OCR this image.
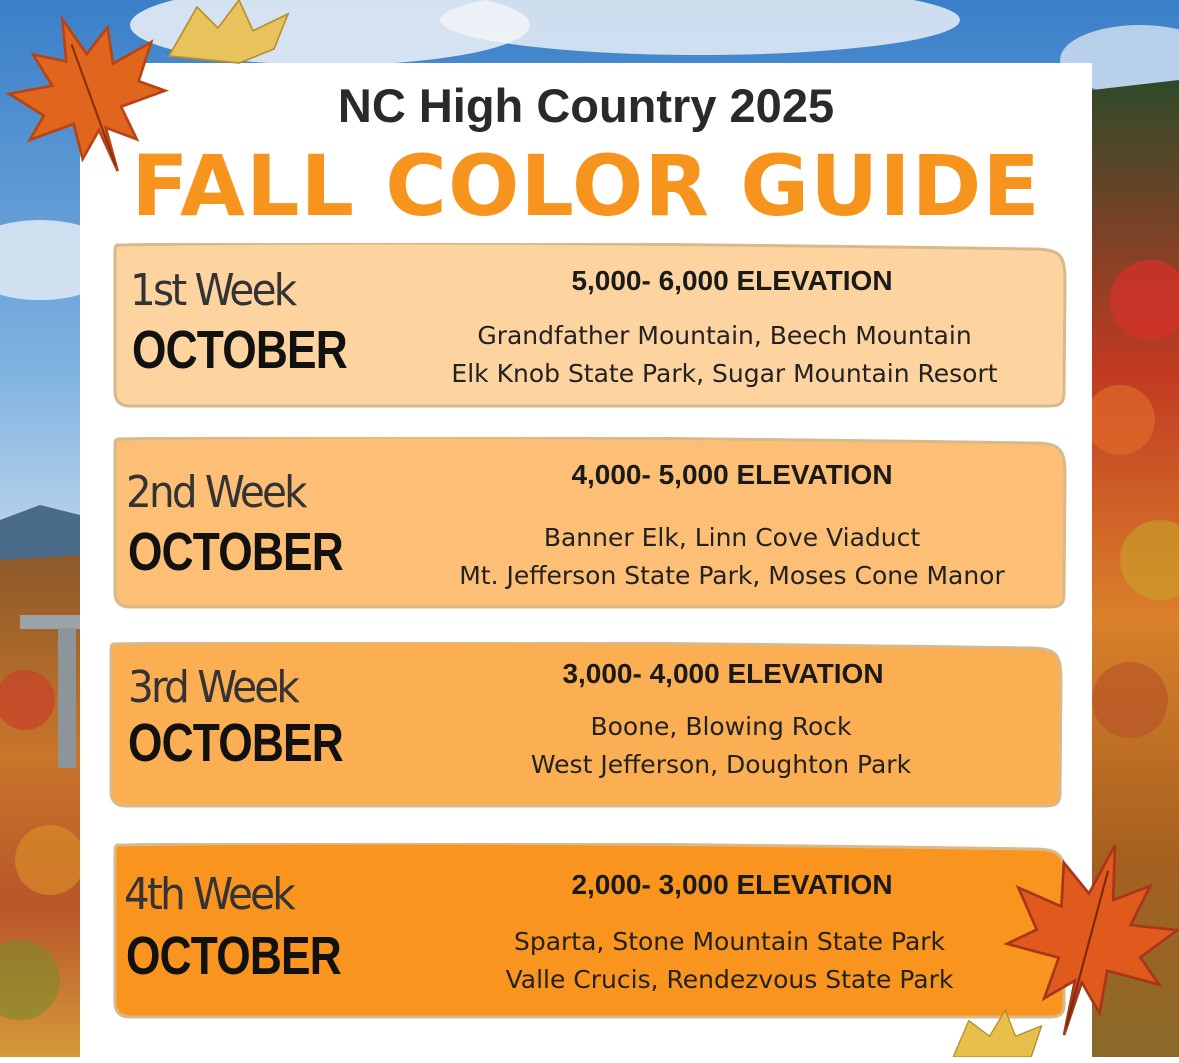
NC High Country 2025
FALL COLOR GUIDE
1st Week
OCTOBER
5,000- 6,000 ELEVATION
Grandfather Mountain, Beech Mountain
Elk Knob State Park, Sugar Mountain Resort
2nd Week
OCTOBER
4,000- 5,000 ELEVATION
Banner Elk, Linn Cove Viaduct
Mt. Jefferson State Park, Moses Cone Manor
3rd Week
OCTOBER
3,000- 4,000 ELEVATION
Boone, Blowing Rock
West Jefferson, Doughton Park
4th Week
OCTOBER
2,000- 3,000 ELEVATION
Sparta, Stone Mountain State Park
Valle Crucis, Rendezvous State Park
